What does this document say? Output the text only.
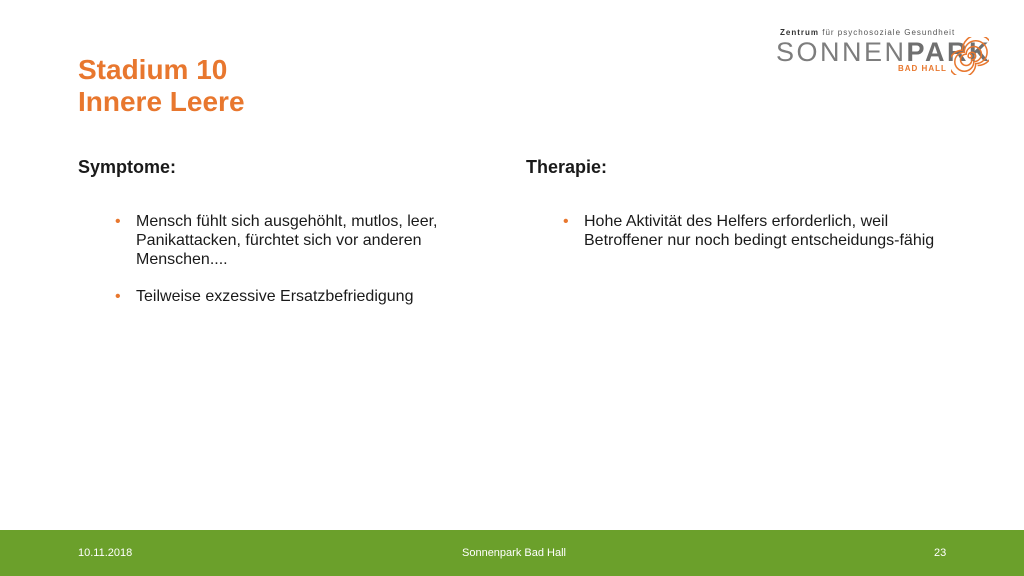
Stadium 10
Innere Leere
Zentrum für psychosoziale Gesundheit
SONNENPARK
BAD HALL
Symptome:
• Mensch fühlt sich ausgehöhlt, mutlos, leer, Panikattacken, fürchtet sich vor anderen Menschen....
• Teilweise exzessive Ersatzbefriedigung
Therapie:
• Hohe Aktivität des Helfers erforderlich, weil Betroffener nur noch bedingt entscheidungs-fähig
10.11.2018	Sonnenpark Bad Hall	23
